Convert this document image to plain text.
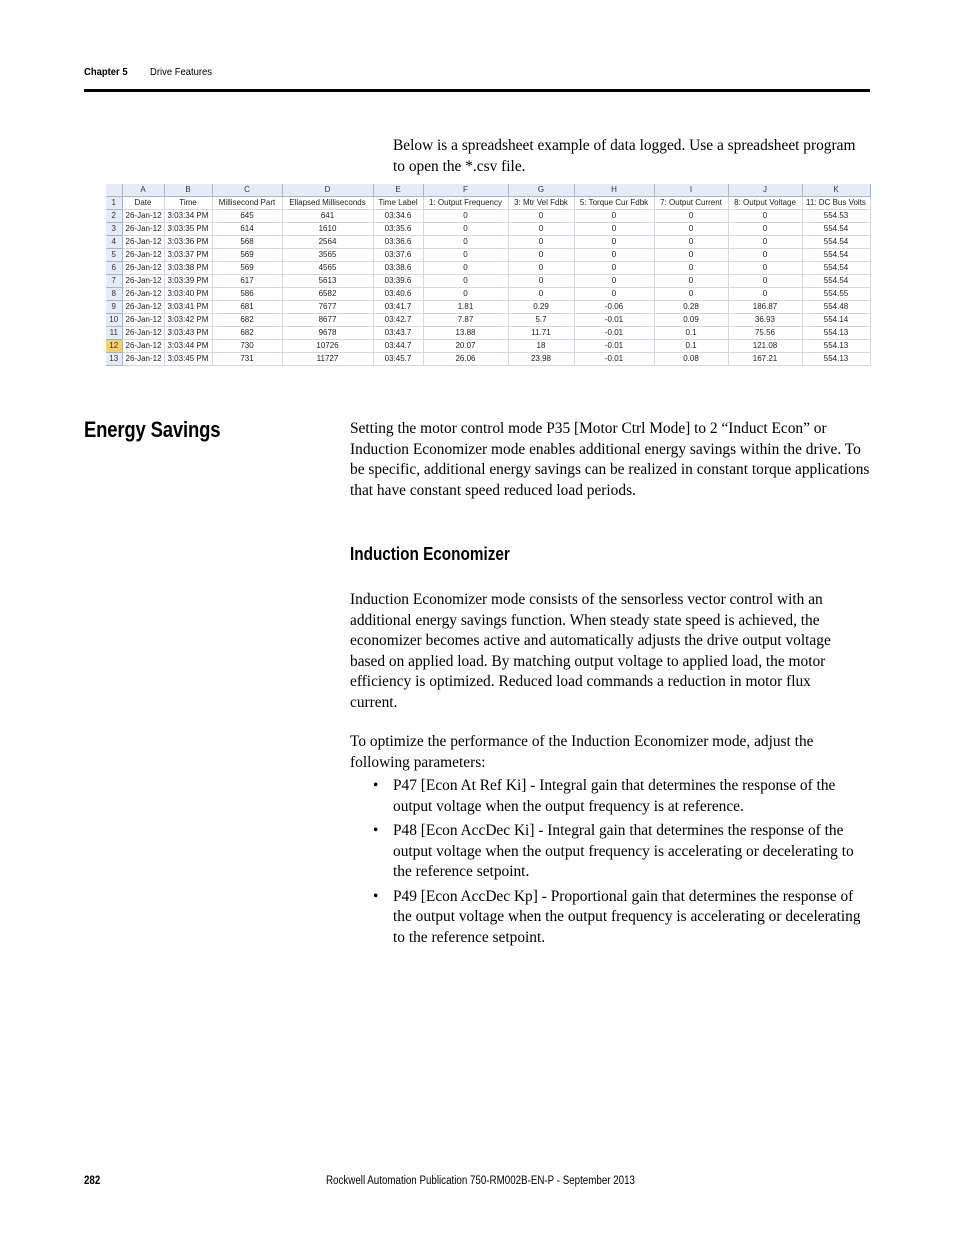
Chapter 5 Drive Features

Below is a spreadsheet example of data logged. Use a spreadsheet program to open the *.csv file.

	A	B	C	D	E	F	G	H	I	J	K
1	Date	Time	Millisecond Part	Ellapsed Milliseconds	Time Label	1: Output Frequency	3: Mtr Vel Fdbk	5: Torque Cur Fdbk	7: Output Current	8: Output Voltage	11: DC Bus Volts
2	26-Jan-12	3:03:34 PM	645	641	03:34.6	0	0	0	0	0	554.53
3	26-Jan-12	3:03:35 PM	614	1610	03:35.6	0	0	0	0	0	554.54
4	26-Jan-12	3:03:36 PM	568	2564	03:36.6	0	0	0	0	0	554.54
5	26-Jan-12	3:03:37 PM	569	3565	03:37.6	0	0	0	0	0	554.54
6	26-Jan-12	3:03:38 PM	569	4565	03:38.6	0	0	0	0	0	554.54
7	26-Jan-12	3:03:39 PM	617	5613	03:39.6	0	0	0	0	0	554.54
8	26-Jan-12	3:03:40 PM	586	6582	03:40.6	0	0	0	0	0	554.55
9	26-Jan-12	3:03:41 PM	681	7677	03:41.7	1.81	0.29	-0.06	0.28	186.87	554.48
10	26-Jan-12	3:03:42 PM	682	8677	03:42.7	7.87	5.7	-0.01	0.09	36.93	554.14
11	26-Jan-12	3:03:43 PM	682	9678	03:43.7	13.88	11.71	-0.01	0.1	75.56	554.13
12	26-Jan-12	3:03:44 PM	730	10726	03:44.7	20.07	18	-0.01	0.1	121.08	554.13
13	26-Jan-12	3:03:45 PM	731	11727	03:45.7	26.06	23.98	-0.01	0.08	167.21	554.13
Energy Savings	Setting the motor control mode P35 [Motor Ctrl Mode] to 2 “Induct Econ” or Induction Economizer mode enables additional energy savings within the drive. To be specific, additional energy savings can be realized in constant torque applications that have constant speed reduced load periods.

Induction Economizer

Induction Economizer mode consists of the sensorless vector control with an additional energy savings function. When steady state speed is achieved, the economizer becomes active and automatically adjusts the drive output voltage based on applied load. By matching output voltage to applied load, the motor efficiency is optimized. Reduced load commands a reduction in motor flux current.

To optimize the performance of the Induction Economizer mode, adjust the following parameters:

• P47 [Econ At Ref Ki] - Integral gain that determines the response of the output voltage when the output frequency is at reference.
• P48 [Econ AccDec Ki] - Integral gain that determines the response of the output voltage when the output frequency is accelerating or decelerating to the reference setpoint.
• P49 [Econ AccDec Kp] - Proportional gain that determines the response of the output voltage when the output frequency is accelerating or decelerating to the reference setpoint.
282	Rockwell Automation Publication 750-RM002B-EN-P - September 2013
